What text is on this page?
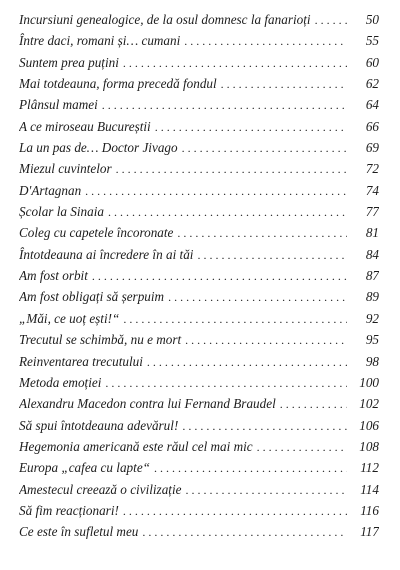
Incursiuni genealogice, de la osul domnesc la fanarioți . . .	50
Între daci, romani și… cumani . . .	55
Suntem prea puțini . . .	60
Mai totdeauna, forma precedă fondul . . .	62
Plânsul mamei . . .	64
A ce miroseau Bucureștii . . .	66
La un pas de… Doctor Jivago . . .	69
Miezul cuvintelor . . .	72
D'Artagnan . . .	74
Școlar la Sinaia . . .	77
Coleg cu capetele încoronate . . .	81
Întotdeauna ai încredere în ai tăi . . .	84
Am fost orbit . . .	87
Am fost obligați să șerpuim . . .	89
„Măi, ce uoț ești!“ . . .	92
Trecutul se schimbă, nu e mort . . .	95
Reinventarea trecutului . . .	98
Metoda emoției . . .	100
Alexandru Macedon contra lui Fernand Braudel . . .	102
Să spui întotdeauna adevărul! . . .	106
Hegemonia americană este răul cel mai mic . . .	108
Europa „cafea cu lapte“ . . .	112
Amestecul creează o civilizație . . .	114
Să fim reacționari! . . .	116
Ce este în sufletul meu . . .	117
